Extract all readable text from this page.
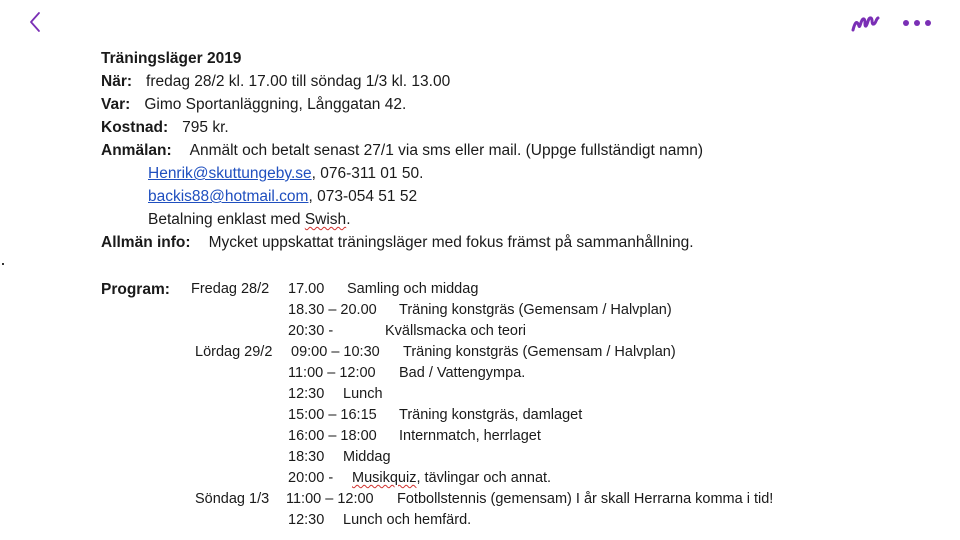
Träningsläger 2019
När: fredag 28/2 kl. 17.00 till söndag 1/3 kl. 13.00
Var: Gimo Sportanläggning, Långgatan 42.
Kostnad: 795 kr.
Anmälan: Anmält och betalt senast 27/1 via sms eller mail. (Uppge fullständigt namn)
Henrik@skuttungeby.se, 076-311 01 50.
backis88@hotmail.com, 073-054 51 52
Betalning enklast med Swish.
Allmän info: Mycket uppskattat träningsläger med fokus främst på sammanhållning.
Program: Fredag 28/2 17.00 Samling och middag
18.30 – 20.00 Träning konstgräs (Gemensam / Halvplan)
20:30 -	Kvällsmacka och teori
Lördag 29/2 09:00 – 10:30 Träning konstgräs (Gemensam / Halvplan)
11:00 – 12:00 Bad / Vattengympa.
12:30 Lunch
15:00 – 16:15 Träning konstgräs, damlaget
16:00 – 18:00 Internmatch, herrlaget
18:30 Middag
20:00 - Musikquiz, tävlingar och annat.
Söndag 1/3 11:00 – 12:00 Fotbollstennis (gemensam) I år skall Herrarna komma i tid!
12:30 Lunch och hemfärd.
